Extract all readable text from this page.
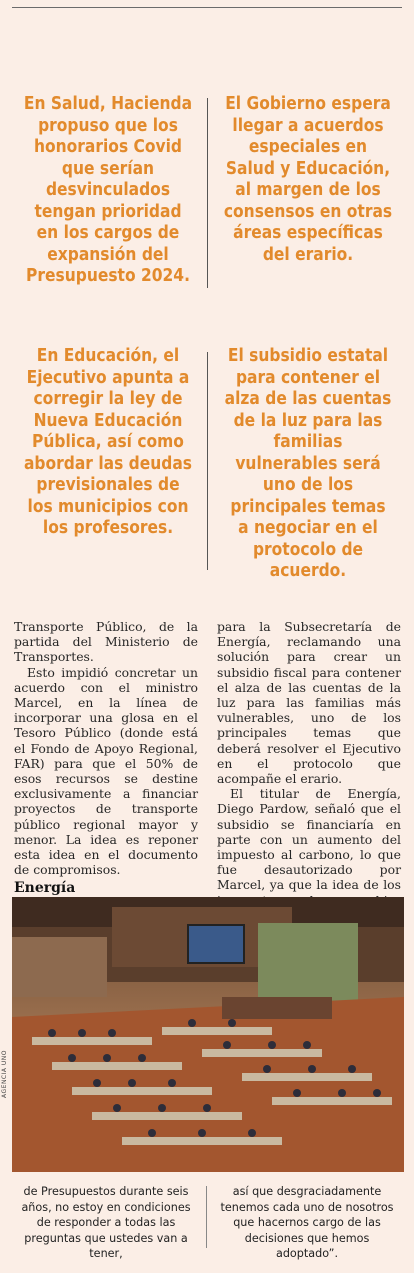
En Salud, Hacienda propuso que los honorarios Covid que serían desvinculados tengan prioridad en los cargos de expansión del Presupuesto 2024.
El Gobierno espera llegar a acuerdos especiales en Salud y Educación, al margen de los consensos en otras áreas específicas del erario.
En Educación, el Ejecutivo apunta a corregir la ley de Nueva Educación Pública, así como abordar las deudas previsionales de los municipios con los profesores.
El subsidio estatal para contener el alza de las cuentas de la luz para las familias vulnerables será uno de los principales temas a negociar en el protocolo de acuerdo.

Transporte Público, de la partida del Ministerio de Transportes.

Esto impidió concretar un acuerdo con el ministro Marcel, en la línea de incorporar una glosa en el Tesoro Público (donde está el Fondo de Apoyo Regional, FAR) para que el 50% de esos recursos se destine exclusivamente a financiar proyectos de transporte público regional mayor y menor. La idea es reponer esta idea en el documento de compromisos.

Energía

para la Subsecretaría de Energía, reclamando una solución para crear un subsidio fiscal para contener el alza de las cuentas de la luz para las familias más vulnerables, uno de los principales temas que deberá resolver el Ejecutivo en el protocolo que acompañe el erario.

El titular de Energía, Diego Pardow, señaló que el subsidio se financiaría en parte con un aumento del impuesto al carbono, lo que fue desautorizado por Marcel, ya que la idea de los

AGENCIA UNO
de Presupuestos durante seis años, no estoy en condiciones de responder a todas las preguntas que ustedes van a tener,
así que desgraciadamente tenemos cada uno de nosotros que hacernos cargo de las decisiones que hemos adoptado”.
